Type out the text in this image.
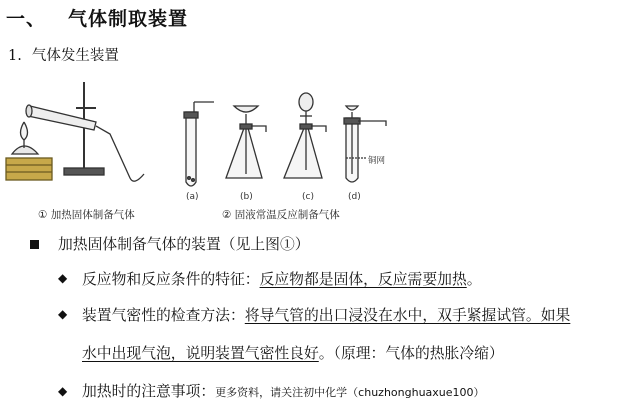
一、 气体制取装置
1. 气体发生装置
(a)	(b)	(c)	(d)
铜网
① 加热固体制备气体	② 固液常温反应制备气体
加热固体制备气体的装置（见上图①）
◆ 反应物和反应条件的特征：反应物都是固体，反应需要加热。
◆ 装置气密性的检查方法：将导气管的出口浸没在水中，双手紧握试管。如果
水中出现气泡，说明装置气密性良好。（原理：气体的热胀冷缩）
◆ 加热时的注意事项：更多资料，请关注初中化学（chuzhonghuaxue100）
